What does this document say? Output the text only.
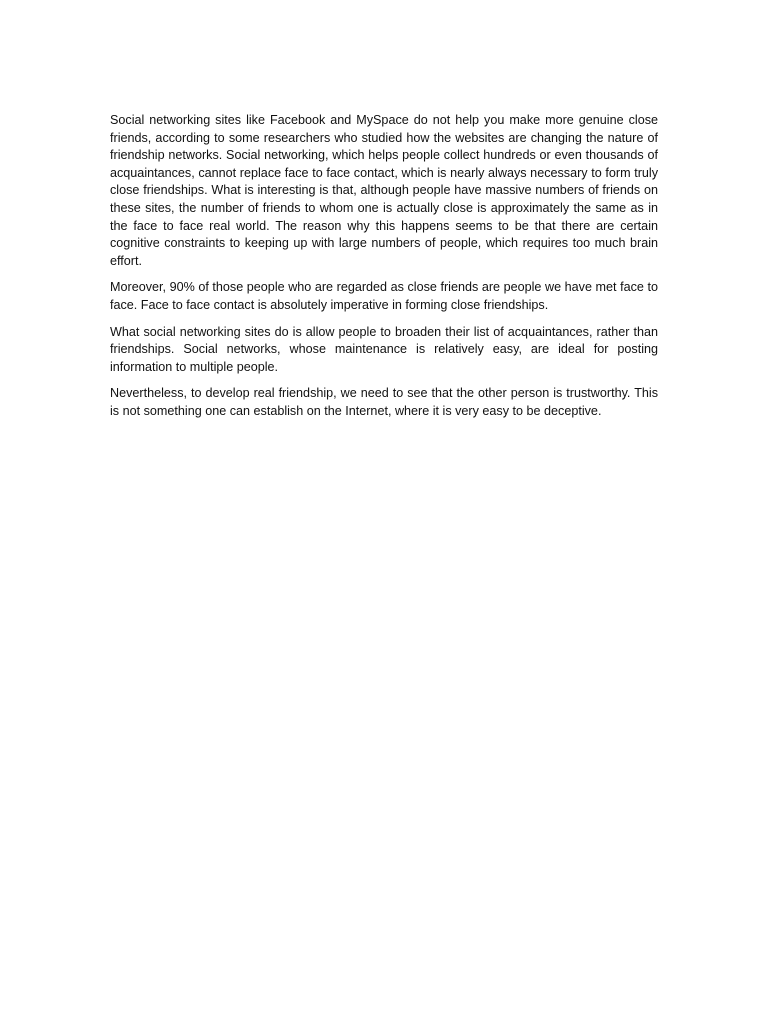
Social networking sites like Facebook and MySpace do not help you make more genuine close friends, according to some researchers who studied how the websites are changing the nature of friendship networks. Social networking, which helps people collect hundreds or even thousands of acquaintances, cannot replace face to face contact, which is nearly always necessary to form truly close friendships. What is interesting is that, although people have massive numbers of friends on these sites, the number of friends to whom one is actually close is approximately the same as in the face to face real world. The reason why this happens seems to be that there are certain cognitive constraints to keeping up with large numbers of people, which requires too much brain effort.

Moreover, 90% of those people who are regarded as close friends are people we have met face to face. Face to face contact is absolutely imperative in forming close friendships.

What social networking sites do is allow people to broaden their list of acquaintances, rather than friendships. Social networks, whose maintenance is relatively easy, are ideal for posting information to multiple people.

Nevertheless, to develop real friendship, we need to see that the other person is trustworthy. This is not something one can establish on the Internet, where it is very easy to be deceptive.
